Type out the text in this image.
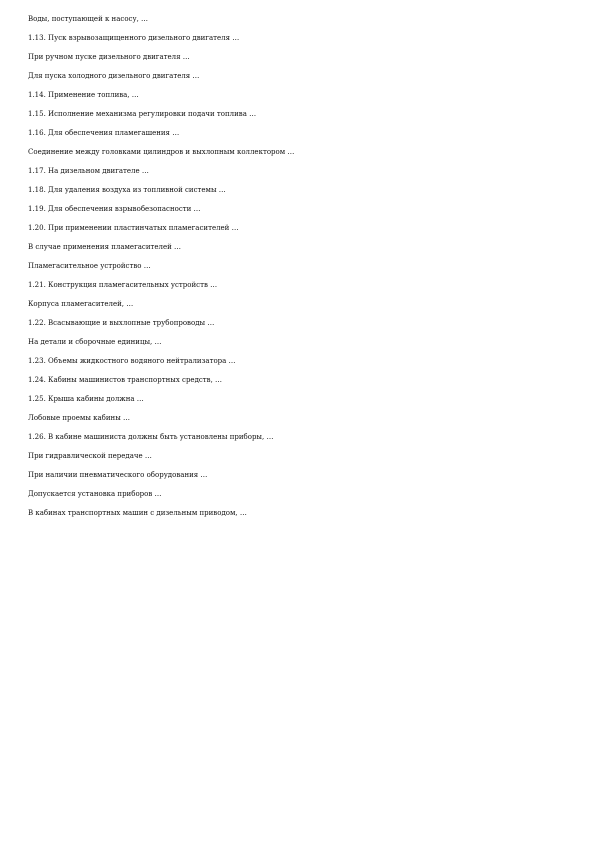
Воды, поступающей к насосу, …

1.13. Пуск взрывозащищенного дизельного двигателя …

При ручном пуске дизельного двигателя …

Для пуска холодного дизельного двигателя …

1.14. Применение топлива, …

1.15. Исполнение механизма регулировки подачи топлива …

1.16. Для обеспечения пламегашения …

Соединение между головками цилиндров и выхлопным коллектором …

1.17. На дизельном двигателе …

1.18. Для удаления воздуха из топливной системы …

1.19. Для обеспечения взрывобезопасности …

1.20. При применении пластинчатых пламегасителей …

В случае применения пламегасителей …

Пламегасительное устройство …

1.21. Конструкция пламегасительных устройств …

Корпуса пламегасителей, …

1.22. Всасывающие и выхлопные трубопроводы …

На детали и сборочные единицы, …

1.23. Объемы жидкостного водяного нейтрализатора …

1.24. Кабины машинистов транспортных средств, …

1.25. Крыша кабины должна …

Лобовые проемы кабины …

1.26. В кабине машиниста должны быть установлены приборы, …

При гидравлической передаче …

При наличии пневматического оборудования …

Допускается установка приборов …

В кабинах транспортных машин с дизельным приводом, …
